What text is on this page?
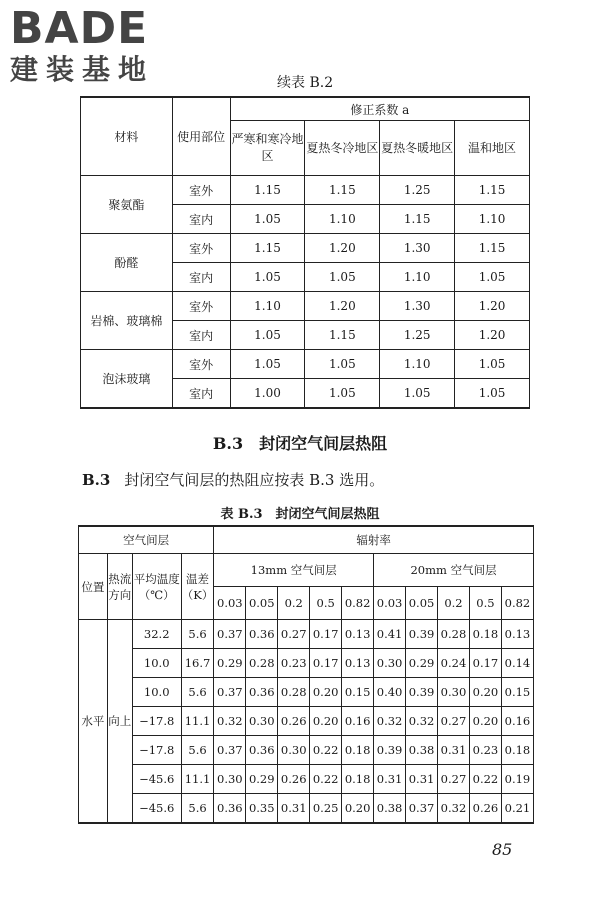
BADE
建装基地	续表 B.2
材料	使用部位	修正系数 a			
		严寒和寒冷地区	夏热冬冷地区	夏热冬暖地区	温和地区
聚氨酯	室外	1.15	1.15	1.25	1.15
	室内	1.05	1.10	1.15	1.10
酚醛	室外	1.15	1.20	1.30	1.15
	室内	1.05	1.05	1.10	1.05
岩棉、玻璃棉	室外	1.10	1.20	1.30	1.20
	室内	1.05	1.15	1.25	1.20
泡沫玻璃	室外	1.05	1.05	1.10	1.05
	室内	1.00	1.05	1.05	1.05
B.3　封闭空气间层热阻
B.3 封闭空气间层的热阻应按表 B.3 选用。
表 B.3　封闭空气间层热阻
空气间层				辐射率									
位置	热流方向	平均温度（℃）	温差（K）	13mm 空气间层					20mm 空气间层				
				0.03	0.05	0.2	0.5	0.82	0.03	0.05	0.2	0.5	0.82
水平	向上	32.2	5.6	0.37	0.36	0.27	0.17	0.13	0.41	0.39	0.28	0.18	0.13
		10.0	16.7	0.29	0.28	0.23	0.17	0.13	0.30	0.29	0.24	0.17	0.14
		10.0	5.6	0.37	0.36	0.28	0.20	0.15	0.40	0.39	0.30	0.20	0.15
		−17.8	11.1	0.32	0.30	0.26	0.20	0.16	0.32	0.32	0.27	0.20	0.16
		−17.8	5.6	0.37	0.36	0.30	0.22	0.18	0.39	0.38	0.31	0.23	0.18
		−45.6	11.1	0.30	0.29	0.26	0.22	0.18	0.31	0.31	0.27	0.22	0.19
		−45.6	5.6	0.36	0.35	0.31	0.25	0.20	0.38	0.37	0.32	0.26	0.21
85
